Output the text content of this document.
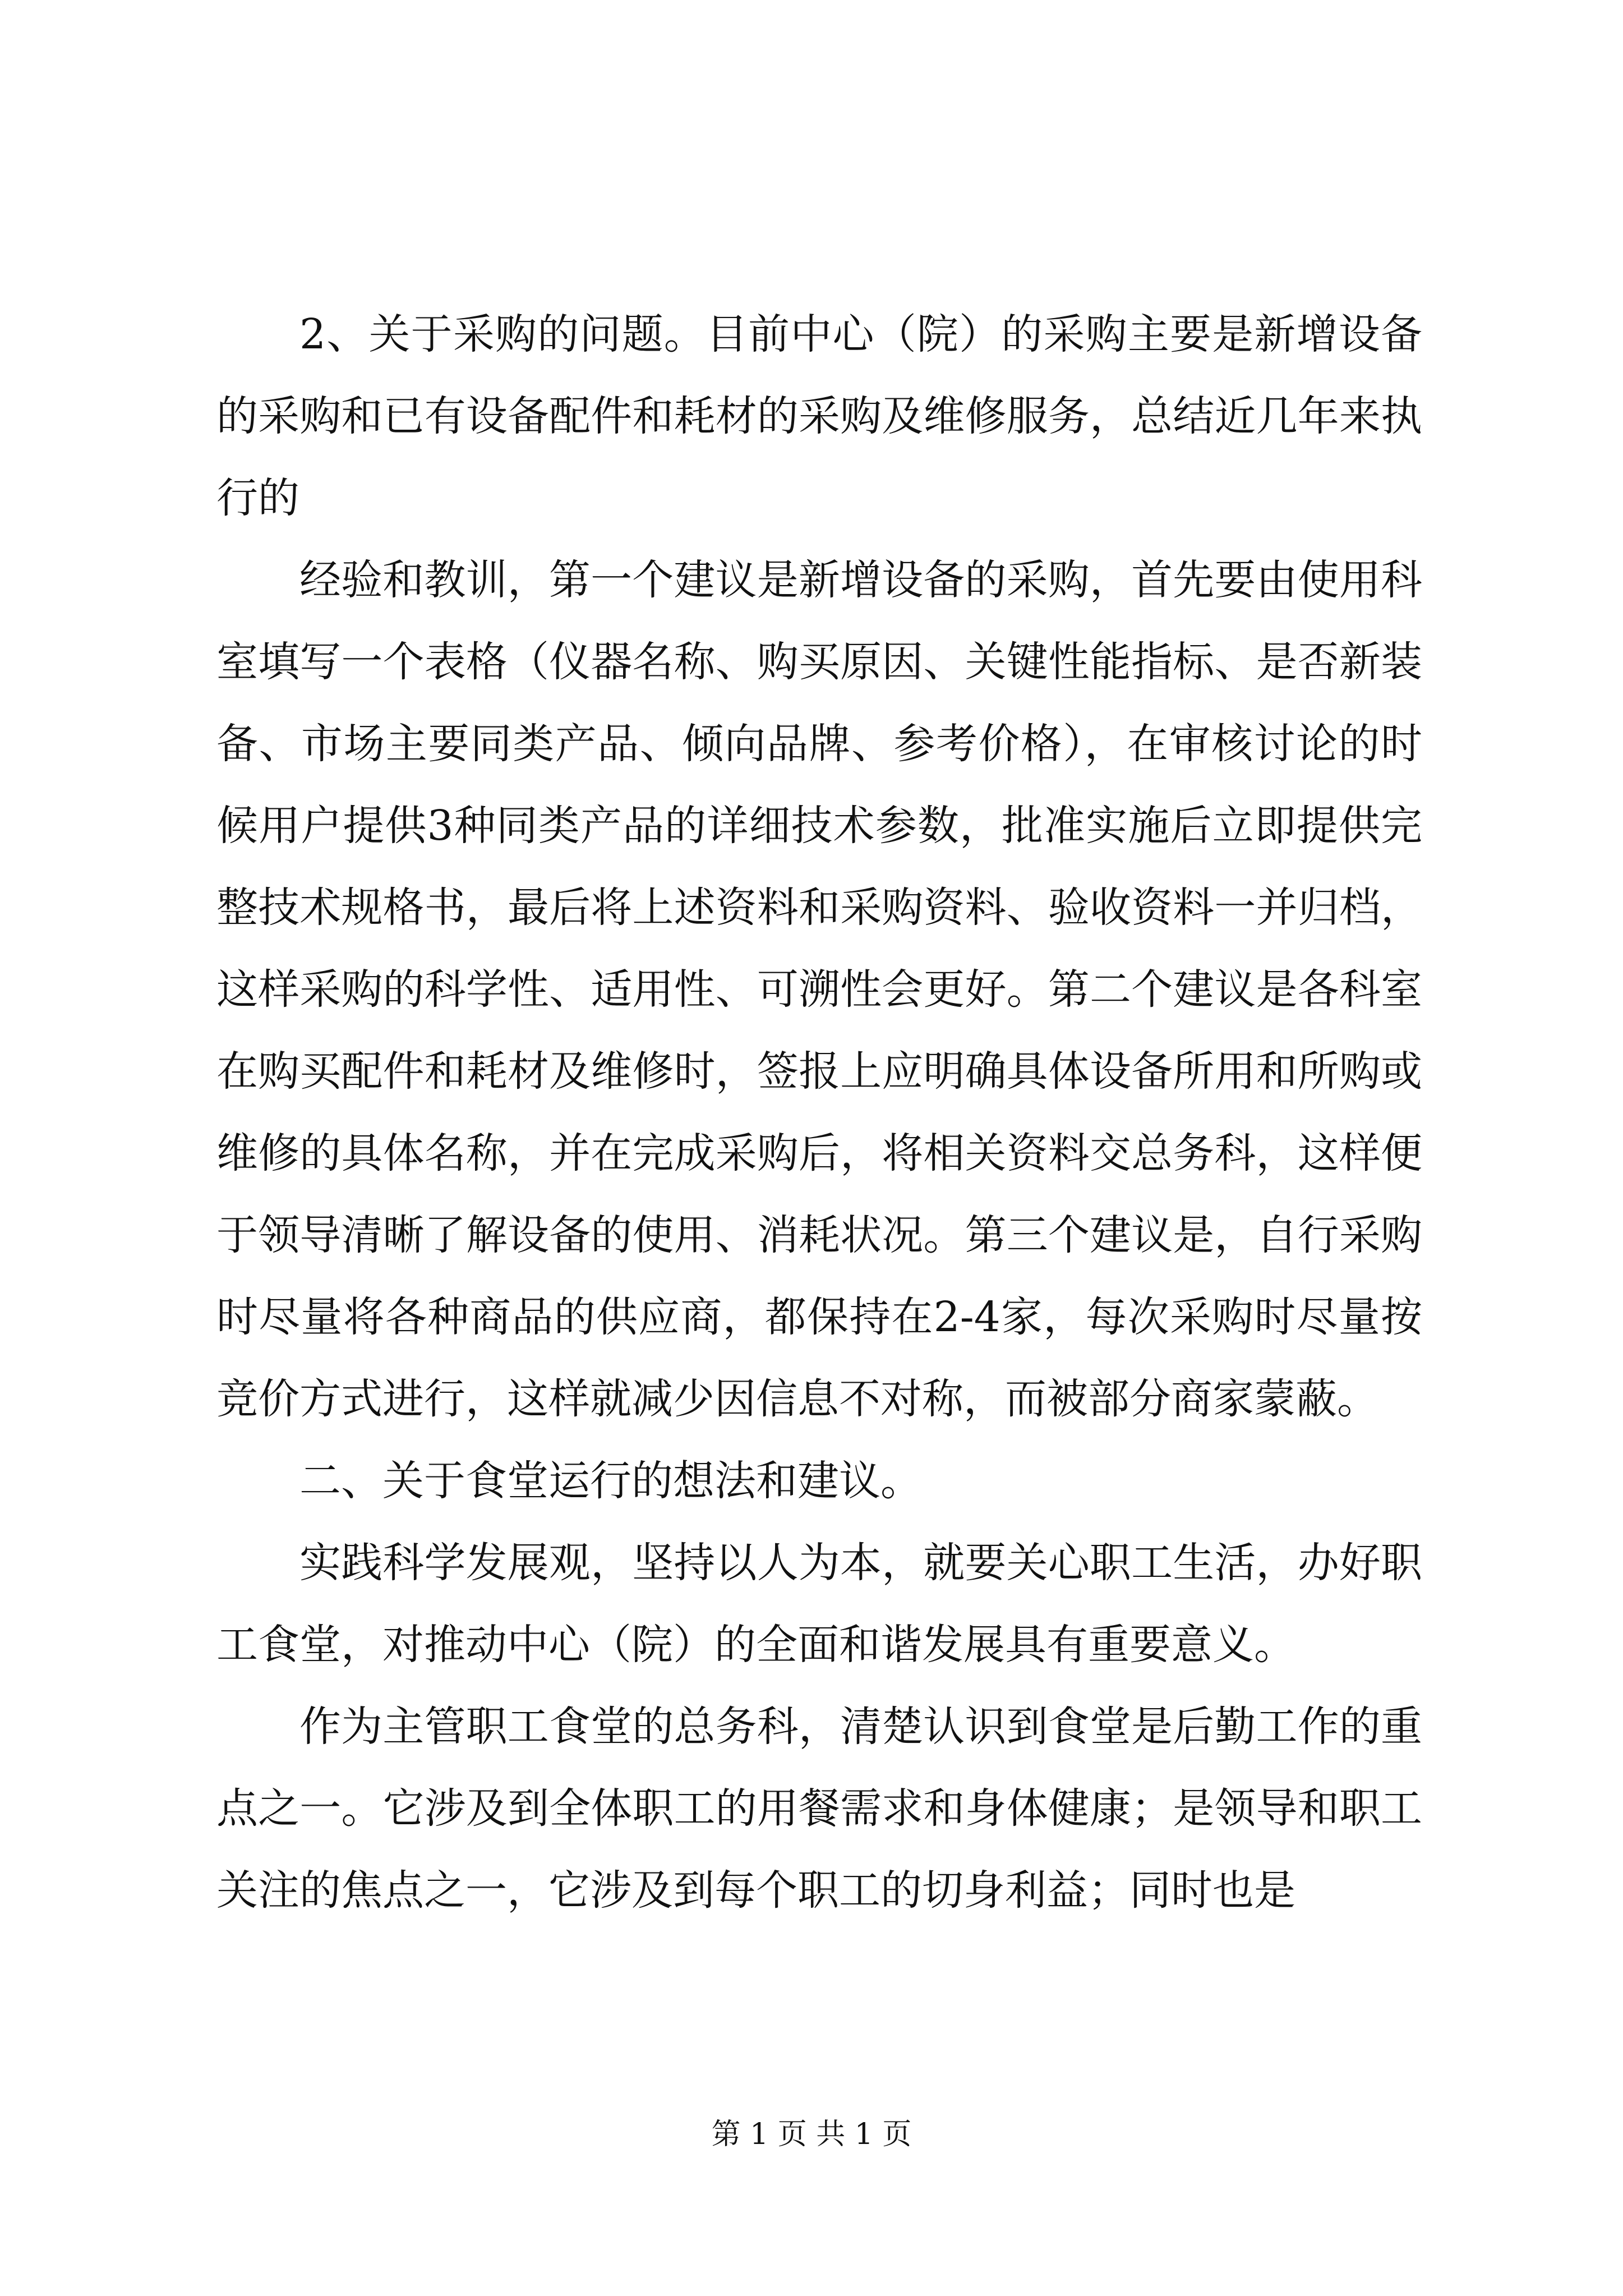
2、关于采购的问题。目前中心（院）的采购主要是新增设备的采购和已有设备配件和耗材的采购及维修服务，总结近几年来执行的

经验和教训，第一个建议是新增设备的采购，首先要由使用科室填写一个表格（仪器名称、购买原因、关键性能指标、是否新装备、市场主要同类产品、倾向品牌、参考价格），在审核讨论的时候用户提供3种同类产品的详细技术参数，批准实施后立即提供完整技术规格书，最后将上述资料和采购资料、验收资料一并归档，这样采购的科学性、适用性、可溯性会更好。第二个建议是各科室在购买配件和耗材及维修时，签报上应明确具体设备所用和所购或维修的具体名称，并在完成采购后，将相关资料交总务科，这样便于领导清晰了解设备的使用、消耗状况。第三个建议是，自行采购时尽量将各种商品的供应商，都保持在2-4家，每次采购时尽量按竞价方式进行，这样就减少因信息不对称，而被部分商家蒙蔽。

二、关于食堂运行的想法和建议。

实践科学发展观，坚持以人为本，就要关心职工生活，办好职工食堂，对推动中心（院）的全面和谐发展具有重要意义。

作为主管职工食堂的总务科，清楚认识到食堂是后勤工作的重点之一。它涉及到全体职工的用餐需求和身体健康；是领导和职工关注的焦点之一，它涉及到每个职工的切身利益；同时也是

第 1 页 共 1 页
